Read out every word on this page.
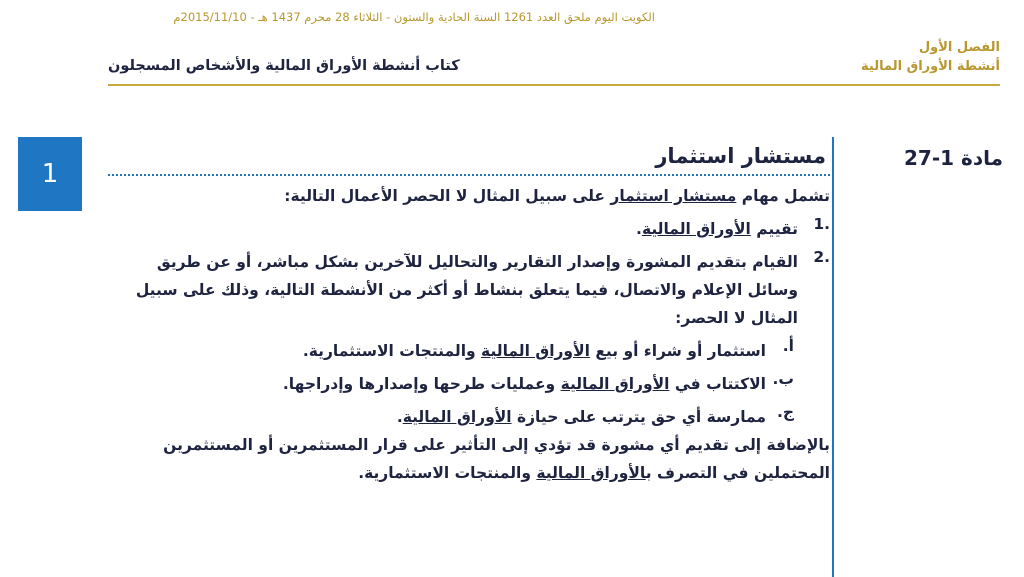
الكويت اليوم ملحق العدد 1261 السنة الحادية والستون - الثلاثاء 28 محرم 1437 هـ - 2015/11/10م
الفصل الأول
أنشطة الأوراق المالية
كتاب أنشطة الأوراق المالية والأشخاص المسجلون
1
مادة 1-27
مستشار استثمار

تشمل مهام مستشار استثمار على سبيل المثال لا الحصر الأعمال التالية:

.1

تقييم الأوراق المالية.

.2

القيام بتقديم المشورة وإصدار التقارير والتحاليل للآخرين بشكل مباشر، أو عن طريق وسائل الإعلام والاتصال، فيما يتعلق بنشاط أو أكثر من الأنشطة التالية، وذلك على سبيل المثال لا الحصر:

أ.

استثمار أو شراء أو بيع الأوراق المالية والمنتجات الاستثمارية.

ب.

الاكتتاب في الأوراق المالية وعمليات طرحها وإصدارها وإدراجها.

ج.

ممارسة أي حق يترتب على حيازة الأوراق المالية.

بالإضافة إلى تقديم أي مشورة قد تؤدي إلى التأثير على قرار المستثمرين أو المستثمرين المحتملين في التصرف بالأوراق المالية والمنتجات الاستثمارية.
